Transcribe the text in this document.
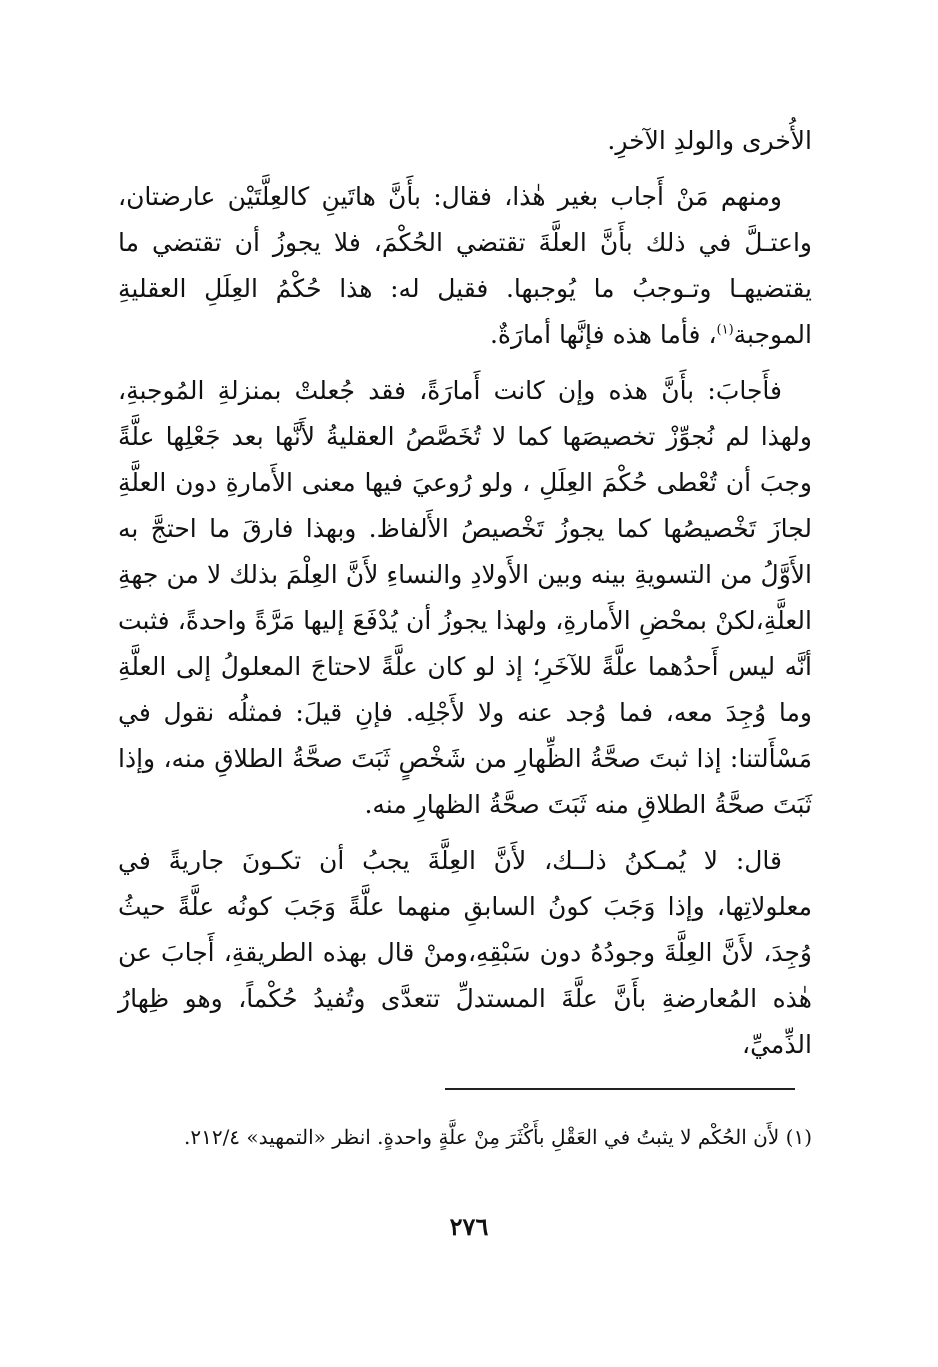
الأُخرى والولدِ الآخرِ.

ومنهم مَنْ أَجاب بغير هٰذا، فقال: بأَنَّ هاتَينِ كالعِلَّتَيْن عارضتان، واعتـلَّ في ذلك بأَنَّ العلَّةَ تقتضي الحُكْمَ، فلا يجوزُ أن تقتضي ما يقتضيهـا وتـوجبُ ما يُوجبها. فقيل له: هذا حُكْمُ العِلَلِ العقليةِ الموجبة$^{(١)}$، فأما هذه فإنَّها أمارَةٌ.

فأَجابَ: بأَنَّ هذه وإن كانت أَمارَةً، فقد جُعلتْ بمنزلةِ المُوجبةِ، ولهذا لم نُجوِّزْ تخصيصَها كما لا تُخَصَّصُ العقليةُ لأَنَّها بعد جَعْلِها علَّةً وجبَ أن تُعْطى حُكْمَ العِلَلِ ، ولو رُوعيَ فيها معنى الأَمارةِ دون العلَّةِ لجازَ تَخْصيصُها كما يجوزُ تَخْصيصُ الأَلفاظ. وبهذا فارقَ ما احتجَّ به الأَوَّلُ من التسويةِ بينه وبين الأَولادِ والنساءِ لأَنَّ العِلْمَ بذلك لا من جهةِ العلَّةِ،لكنْ بمحْضِ الأَمارةِ، ولهذا يجوزُ أن يُدْفَعَ إليها مَرَّةً واحدةً، فثبت أنَّه ليس أَحدُهما علَّةً للآخَرِ؛ إذ لو كان علَّةً لاحتاجَ المعلولُ إلى العلَّةِ وما وُجِدَ معه، فما وُجد عنه ولا لأَجْلِه. فإنِ قيلَ: فمثلُه نقول في مَسْأَلتنا: إذا ثبتَ صحَّةُ الظِّهارِ من شَخْصٍ ثَبَتَ صحَّةُ الطلاقِ منه، وإذا ثَبَتَ صحَّةُ الطلاقِ منه ثَبَتَ صحَّةُ الظهارِ منه.

قال: لا يُمـكنُ ذلــك، لأَنَّ العِلَّةَ يجبُ أن تكـونَ جاريةً في معلولاتِها، وإذا وَجَبَ كونُ السابقِ منهما علَّةً وَجَبَ كونُه علَّةً حيثُ وُجِدَ، لأَنَّ العِلَّةَ وجودُهُ دون سَبْقِهِ،ومنْ قال بهذه الطريقةِ، أَجابَ عن هٰذه المُعارضةِ بأَنَّ علَّةَ المستدلِّ تتعدَّى وتُفيدُ حُكْماً، وهو ظِهارُ الذِّميِّ،

(١) لأَن الحُكْم لا يثبتُ في العَقْلِ بأَكْثَرَ مِنْ علَّةٍ واحدةٍ. انظر «التمهيد» ٢١٢/٤.

٢٧٦
